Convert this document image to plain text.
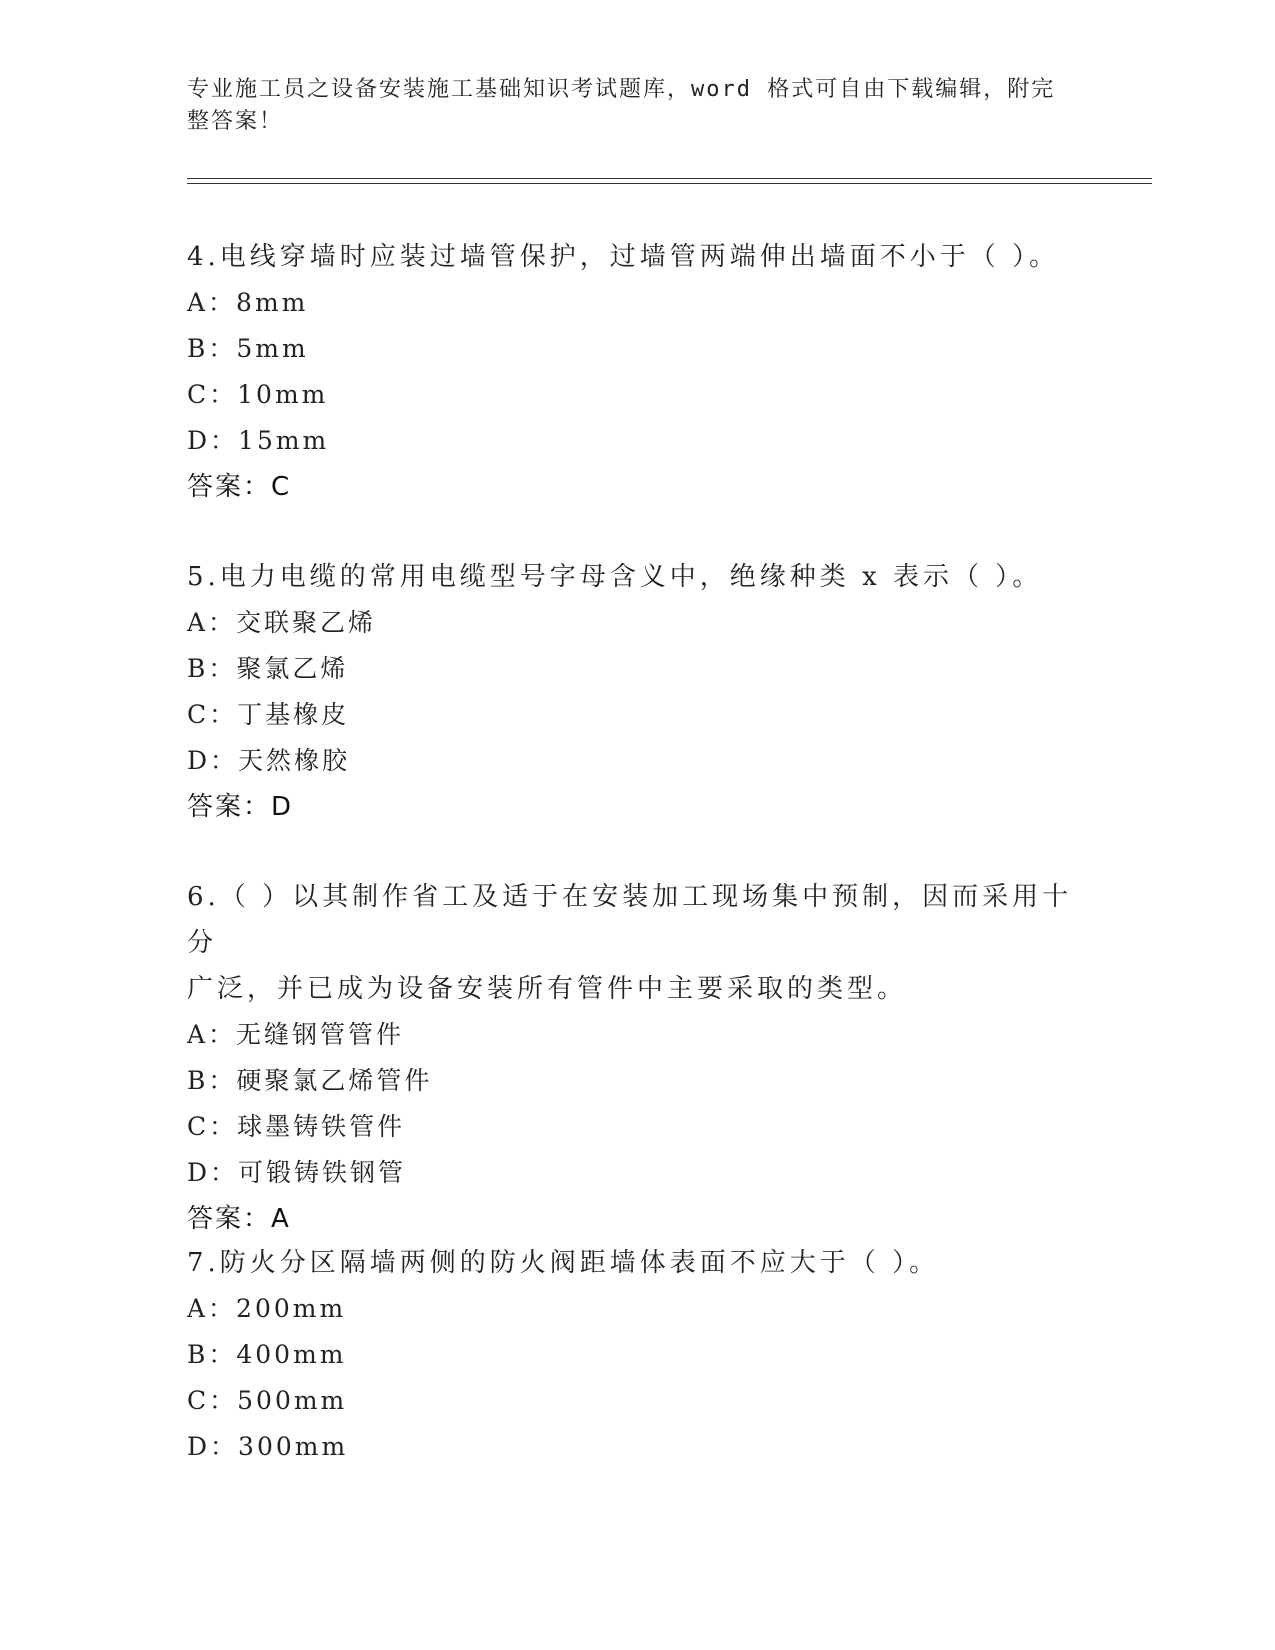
专业施工员之设备安装施工基础知识考试题库，word 格式可自由下载编辑，附完
整答案！

4.电线穿墙时应装过墙管保护，过墙管两端伸出墙面不小于（ ）。

A：8mm

B：5mm

C：10mm

D：15mm

答案：C

5.电力电缆的常用电缆型号字母含义中，绝缘种类 x 表示（ ）。

A：交联聚乙烯

B：聚氯乙烯

C：丁基橡皮

D：天然橡胶

答案：D

6.（ ）以其制作省工及适于在安装加工现场集中预制，因而采用十分

广泛，并已成为设备安装所有管件中主要采取的类型。

A：无缝钢管管件

B：硬聚氯乙烯管件

C：球墨铸铁管件

D：可锻铸铁钢管

答案：A

7.防火分区隔墙两侧的防火阀距墙体表面不应大于（ ）。

A：200mm

B：400mm

C：500mm

D：300mm
